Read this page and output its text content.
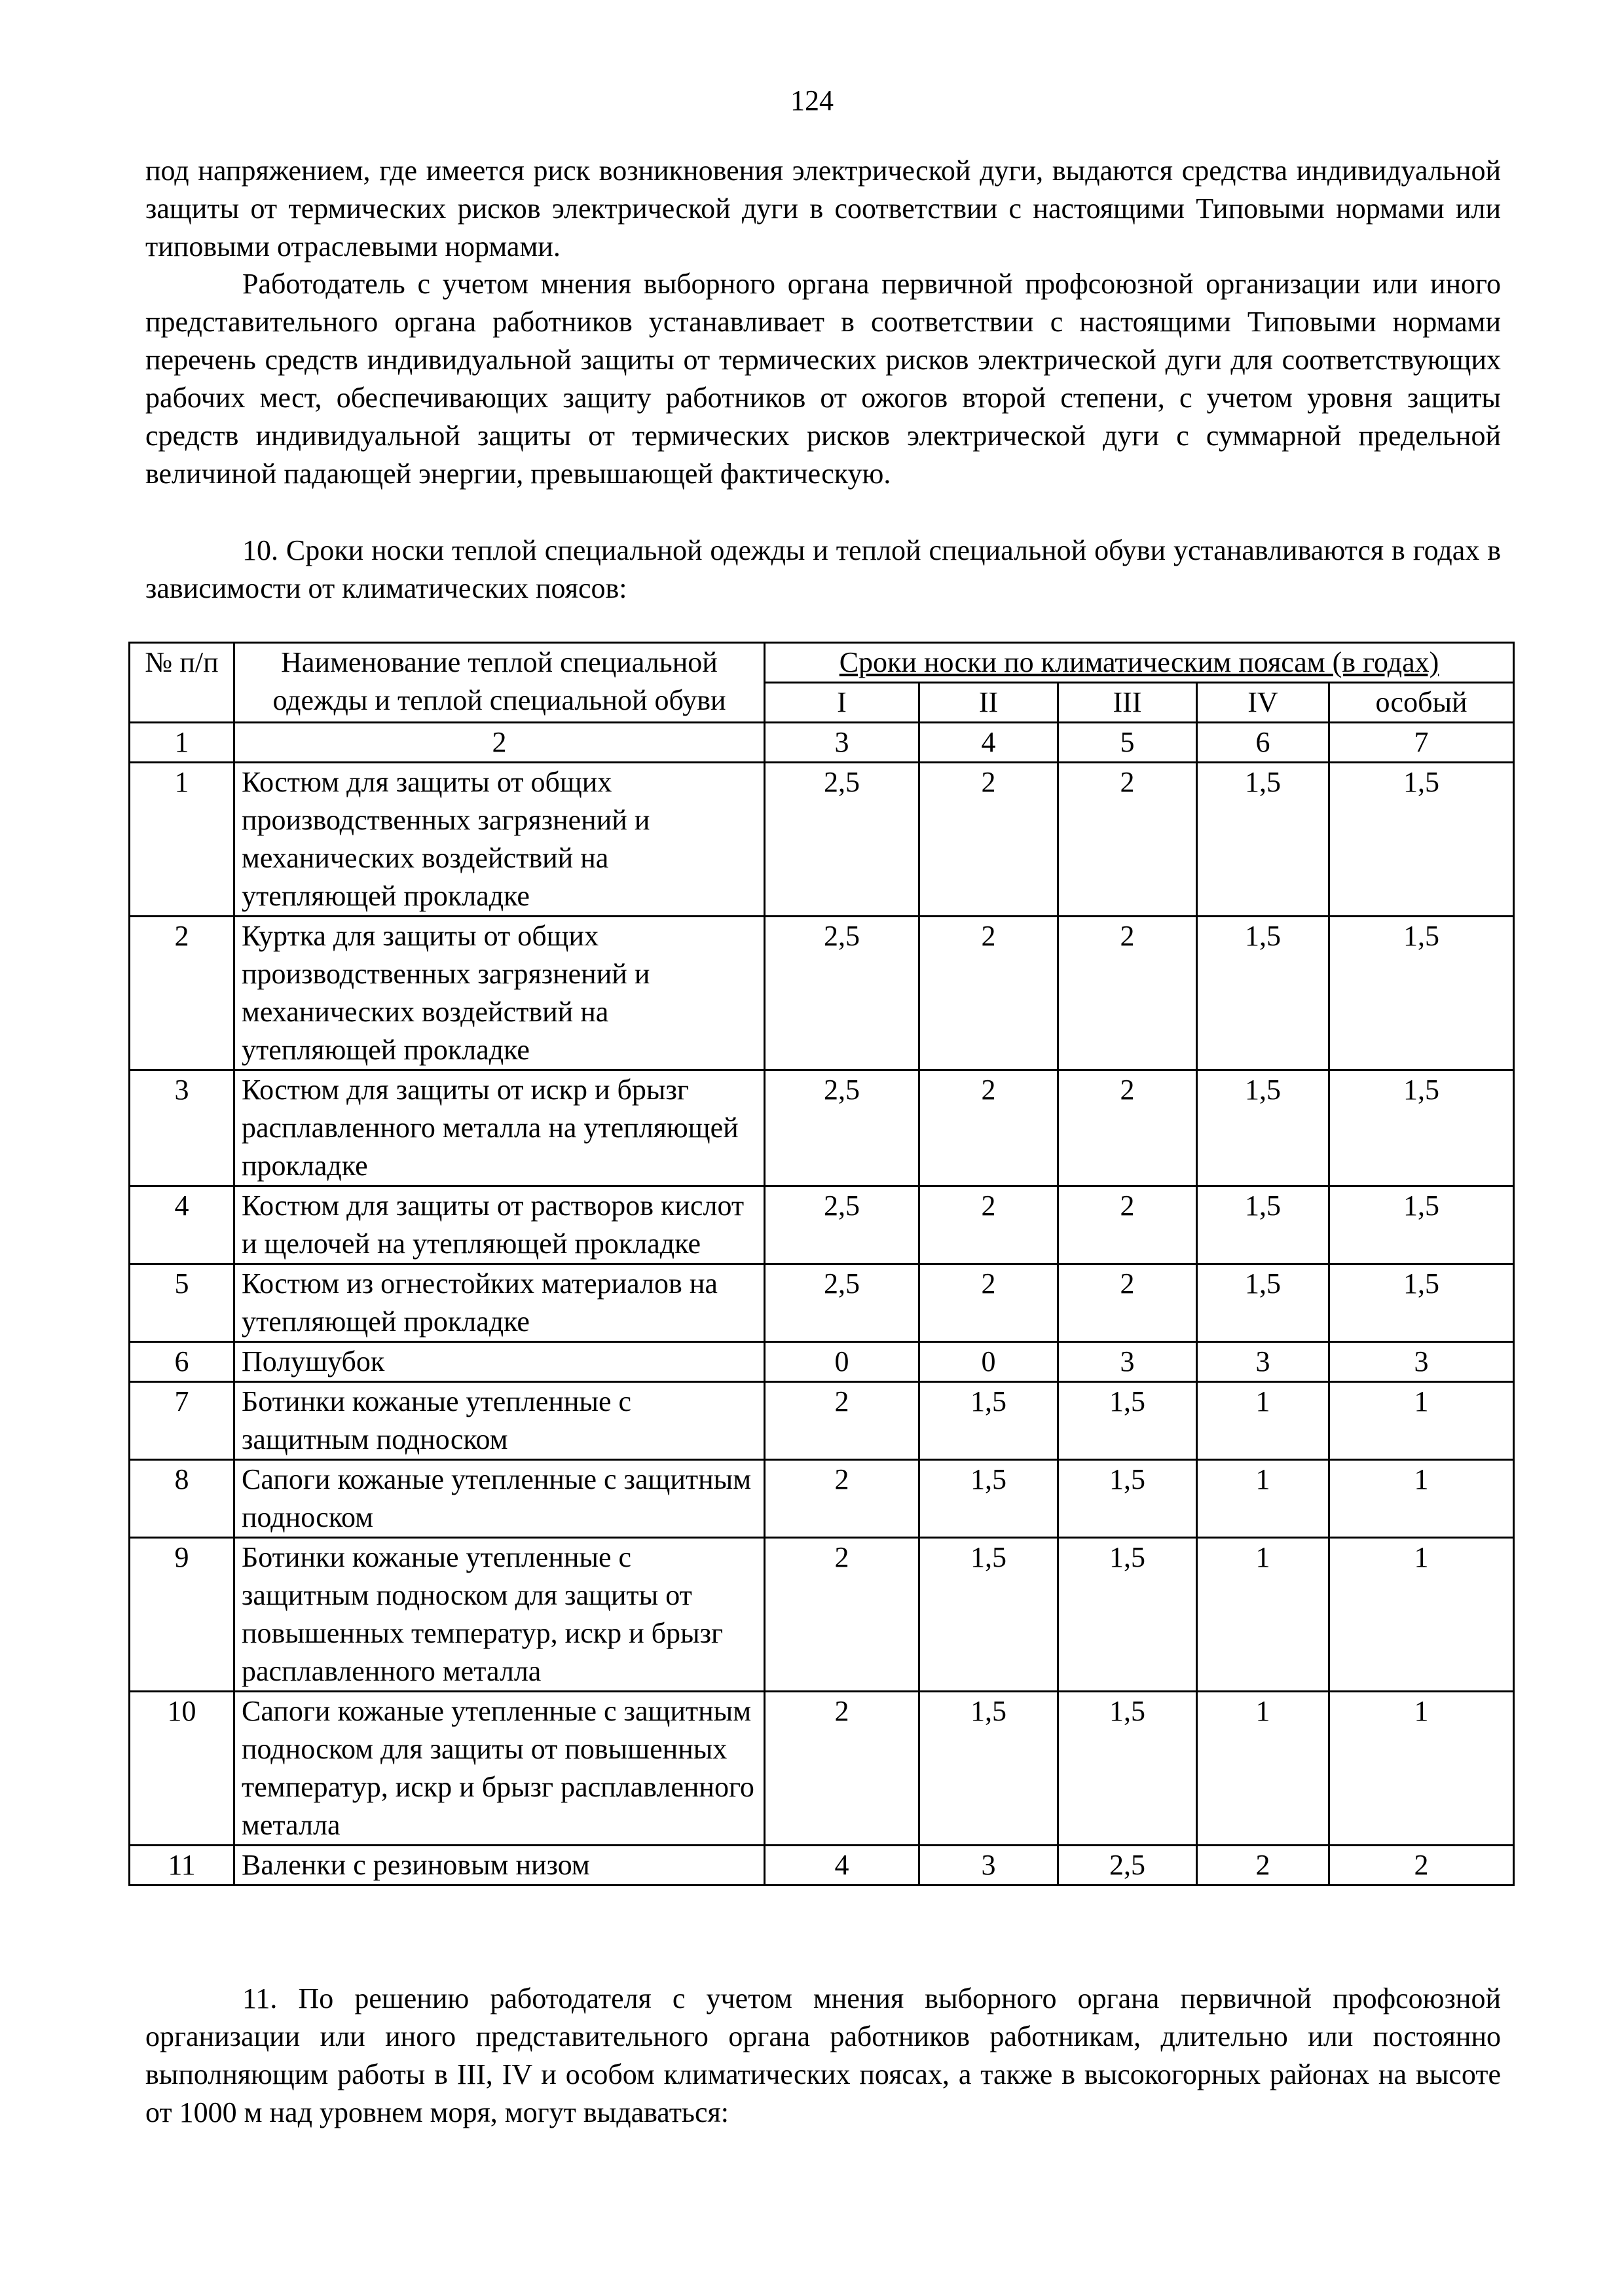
124

под напряжением, где имеется риск возникновения электрической дуги, выдаются средства индивидуальной защиты от термических рисков электрической дуги в соответствии с настоящими Типовыми нормами или типовыми отраслевыми нормами.

Работодатель с учетом мнения выборного органа первичной профсоюзной организации или иного представительного органа работников устанавливает в соответствии с настоящими Типовыми нормами перечень средств индивидуальной защиты от термических рисков электрической дуги для соответствующих рабочих мест, обеспечивающих защиту работников от ожогов второй степени, с учетом уровня защиты средств индивидуальной защиты от термических рисков электрической дуги с суммарной предельной величиной падающей энергии, превышающей фактическую.

10. Сроки носки теплой специальной одежды и теплой специальной обуви устанавливаются в годах в зависимости от климатических поясов:

№ п/п	Наименование теплой специальной одежды и теплой специальной обуви	Сроки носки по климатическим поясам (в годах)				
		I	II	III	IV	особый
1	2	3	4	5	6	7
1	Костюм для защиты от общих производственных загрязнений и механических воздействий на утепляющей прокладке	2,5	2	2	1,5	1,5
2	Куртка для защиты от общих производственных загрязнений и механических воздействий на утепляющей прокладке	2,5	2	2	1,5	1,5
3	Костюм для защиты от искр и брызг расплавленного металла на утепляющей прокладке	2,5	2	2	1,5	1,5
4	Костюм для защиты от растворов кислот и щелочей на утепляющей прокладке	2,5	2	2	1,5	1,5
5	Костюм из огнестойких материалов на утепляющей прокладке	2,5	2	2	1,5	1,5
6	Полушубок	0	0	3	3	3
7	Ботинки кожаные утепленные с защитным подноском	2	1,5	1,5	1	1
8	Сапоги кожаные утепленные с защитным подноском	2	1,5	1,5	1	1
9	Ботинки кожаные утепленные с защитным подноском для защиты от повышенных температур, искр и брызг расплавленного металла	2	1,5	1,5	1	1
10	Сапоги кожаные утепленные с защитным подноском для защиты от повышенных температур, искр и брызг расплавленного металла	2	1,5	1,5	1	1
11	Валенки с резиновым низом	4	3	2,5	2	2

11. По решению работодателя с учетом мнения выборного органа первичной профсоюзной организации или иного представительного органа работников работникам, длительно или постоянно выполняющим работы в III, IV и особом климатических поясах, а также в высокогорных районах на высоте от 1000 м над уровнем моря, могут выдаваться:
